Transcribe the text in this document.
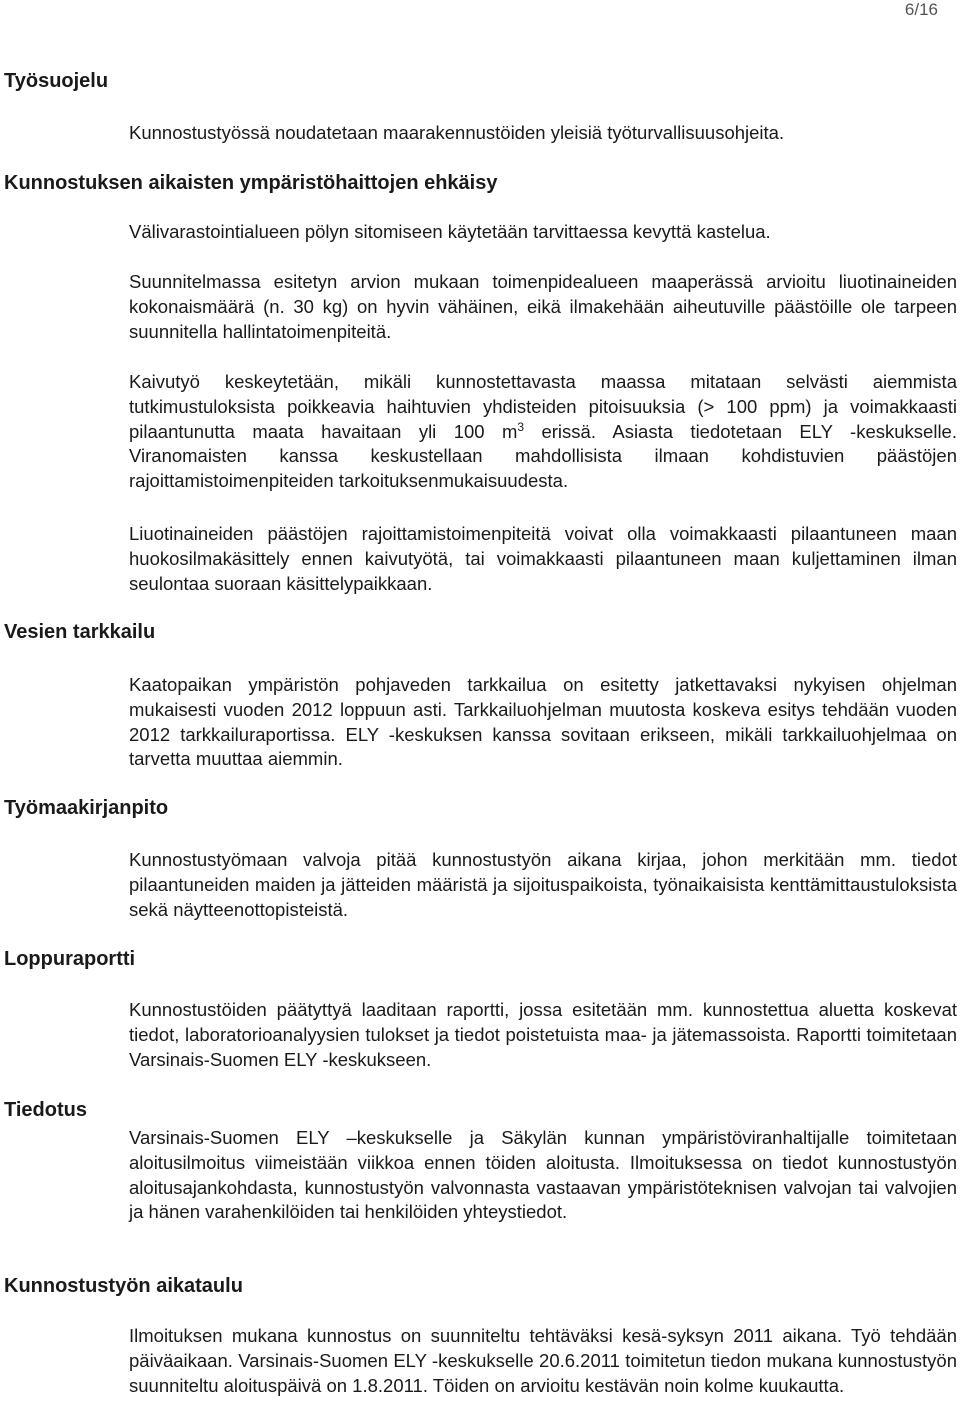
6/16
Työsuojelu

Kunnostustyössä noudatetaan maarakennustöiden yleisiä työturvallisuusohjeita.

Kunnostuksen aikaisten ympäristöhaittojen ehkäisy

Välivarastointialueen pölyn sitomiseen käytetään tarvittaessa kevyttä kastelua.

Suunnitelmassa esitetyn arvion mukaan toimenpidealueen maaperässä arvioitu liuotinaineiden kokonaismäärä (n. 30 kg) on hyvin vähäinen, eikä ilmakehään aiheutuville päästöille ole tarpeen suunnitella hallintatoimenpiteitä.

Kaivutyö keskeytetään, mikäli kunnostettavasta maassa mitataan selvästi aiemmista tutkimustuloksista poikkeavia haihtuvien yhdisteiden pitoisuuksia (> 100 ppm) ja voimakkaasti pilaantunutta maata havaitaan yli 100 $m^3$ erissä. Asiasta tiedotetaan ELY -keskukselle. Viranomaisten kanssa keskustellaan mahdollisista ilmaan kohdistuvien päästöjen rajoittamistoimenpiteiden tarkoituksenmukaisuudesta.

Liuotinaineiden päästöjen rajoittamistoimenpiteitä voivat olla voimakkaasti pilaantuneen maan huokosilmakäsittely ennen kaivutyötä, tai voimakkaasti pilaantuneen maan kuljettaminen ilman seulontaa suoraan käsittelypaikkaan.

Vesien tarkkailu

Kaatopaikan ympäristön pohjaveden tarkkailua on esitetty jatkettavaksi nykyisen ohjelman mukaisesti vuoden 2012 loppuun asti. Tarkkailuohjelman muutosta koskeva esitys tehdään vuoden 2012 tarkkailuraportissa. ELY -keskuksen kanssa sovitaan erikseen, mikäli tarkkailuohjelmaa on tarvetta muuttaa aiemmin.

Työmaakirjanpito

Kunnostustyömaan valvoja pitää kunnostustyön aikana kirjaa, johon merkitään mm. tiedot pilaantuneiden maiden ja jätteiden määristä ja sijoituspaikoista, työnaikaisista kenttämittaustuloksista sekä näytteenottopisteistä.

Loppuraportti

Kunnostustöiden päätyttyä laaditaan raportti, jossa esitetään mm. kunnostettua aluetta koskevat tiedot, laboratorioanalyysien tulokset ja tiedot poistetuista maa- ja jätemassoista. Raportti toimitetaan Varsinais-Suomen ELY -keskukseen.

Tiedotus

Varsinais-Suomen ELY –keskukselle ja Säkylän kunnan ympäristöviranhaltijalle toimitetaan aloitusilmoitus viimeistään viikkoa ennen töiden aloitusta. Ilmoituksessa on tiedot kunnostustyön aloitusajankohdasta, kunnostustyön valvonnasta vastaavan ympäristöteknisen valvojan tai valvojien ja hänen varahenkilöiden tai henkilöiden yhteystiedot.

Kunnostustyön aikataulu

Ilmoituksen mukana kunnostus on suunniteltu tehtäväksi kesä-syksyn 2011 aikana. Työ tehdään päiväaikaan. Varsinais-Suomen ELY -keskukselle 20.6.2011 toimitetun tiedon mukana kunnostustyön suunniteltu aloituspäivä on 1.8.2011. Töiden on arvioitu kestävän noin kolme kuukautta.
